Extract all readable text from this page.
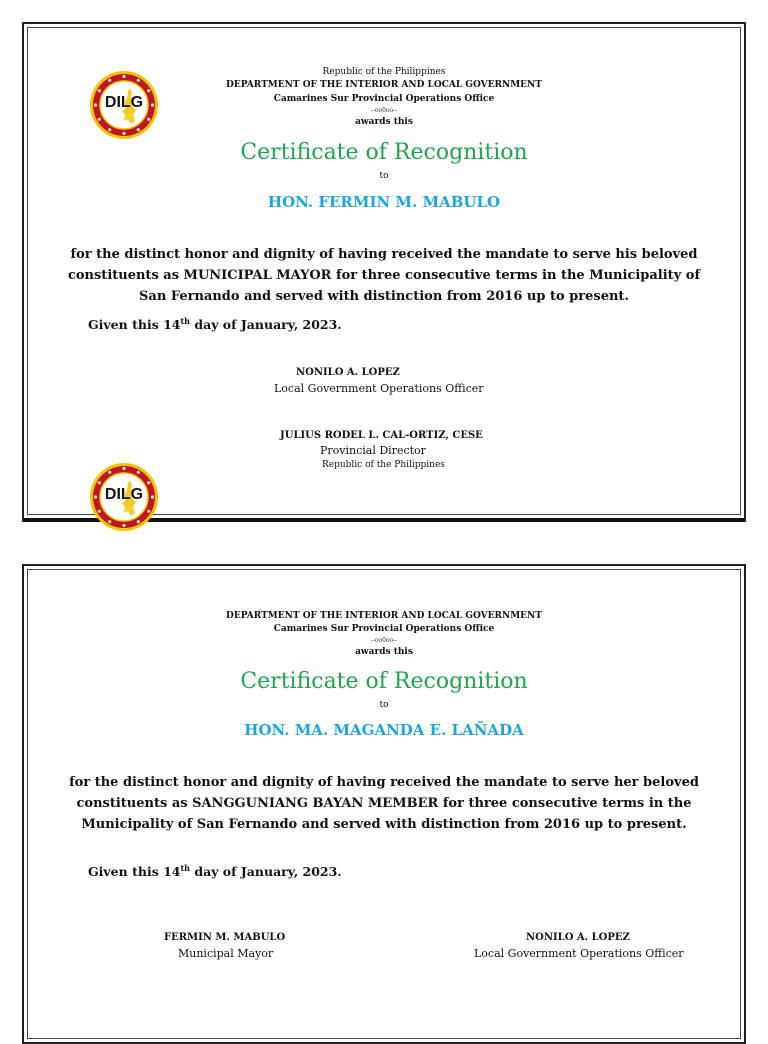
DILG
Republic of the Philippines
DEPARTMENT OF THE INTERIOR AND LOCAL GOVERNMENT
Camarines Sur Provincial Operations Office
--oo0oo--
awards this
Certificate of Recognition
to
HON. FERMIN M. MABULO
for the distinct honor and dignity of having received the mandate to serve his beloved constituents as MUNICIPAL MAYOR for three consecutive terms in the Municipality of San Fernando and served with distinction from 2016 up to present.
Given this 14th day of January, 2023.
NONILO A. LOPEZ
Local Government Operations Officer
JULIUS RODEL L. CAL-ORTIZ, CESE
Provincial Director
Republic of the Philippines
DILG
DEPARTMENT OF THE INTERIOR AND LOCAL GOVERNMENT
Camarines Sur Provincial Operations Office
--oo0oo--
awards this
Certificate of Recognition
to
HON. MA. MAGANDA E. LAÑADA
for the distinct honor and dignity of having received the mandate to serve her beloved constituents as SANGGUNIANG BAYAN MEMBER for three consecutive terms in the Municipality of San Fernando and served with distinction from 2016 up to present.
Given this 14th day of January, 2023.
FERMIN M. MABULO
Municipal Mayor
NONILO A. LOPEZ
Local Government Operations Officer
